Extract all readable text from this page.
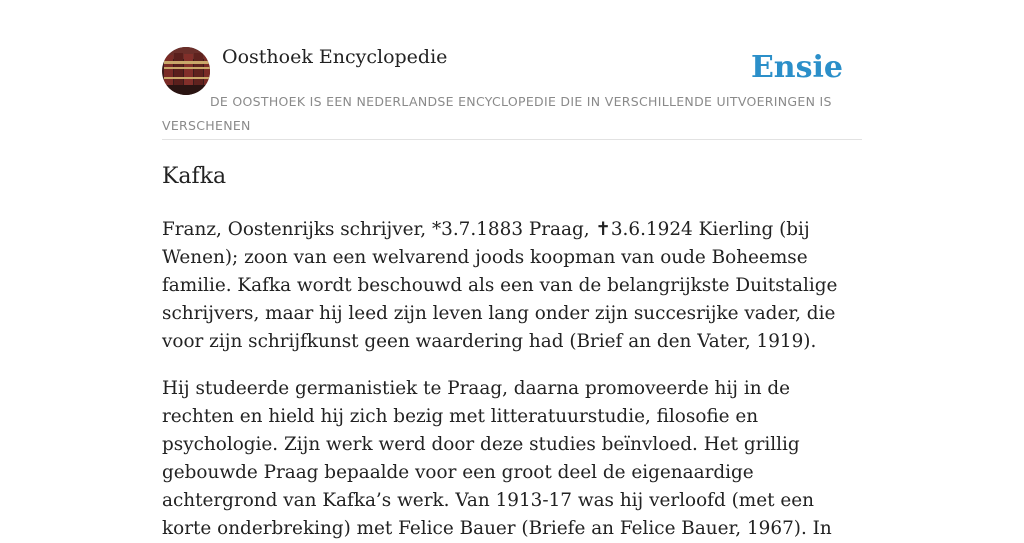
Oosthoek Encyclopedie	Ensie
DE OOSTHOEK IS EEN NEDERLANDSE ENCYCLOPEDIE DIE IN VERSCHILLENDE UITVOERINGEN IS VERSCHENEN
Kafka

Franz, Oostenrijks schrijver, *3.7.1883 Praag, ✝3.6.1924 Kierling (bij Wenen); zoon van een welvarend joods koopman van oude Boheemse familie. Kafka wordt beschouwd als een van de belangrijkste Duitstalige schrijvers, maar hij leed zijn leven lang onder zijn succesrijke vader, die voor zijn schrijfkunst geen waardering had (Brief an den Vater, 1919).

Hij studeerde germanistiek te Praag, daarna promoveerde hij in de rechten en hield hij zich bezig met litteratuurstudie, filosofie en psychologie. Zijn werk werd door deze studies beïnvloed. Het grillig gebouwde Praag bepaalde voor een groot deel de eigenaardige achtergrond van Kafka’s werk. Van 1913-17 was hij verloofd (met een korte onderbreking) met Felice Bauer (Briefe an Felice Bauer, 1967). In
